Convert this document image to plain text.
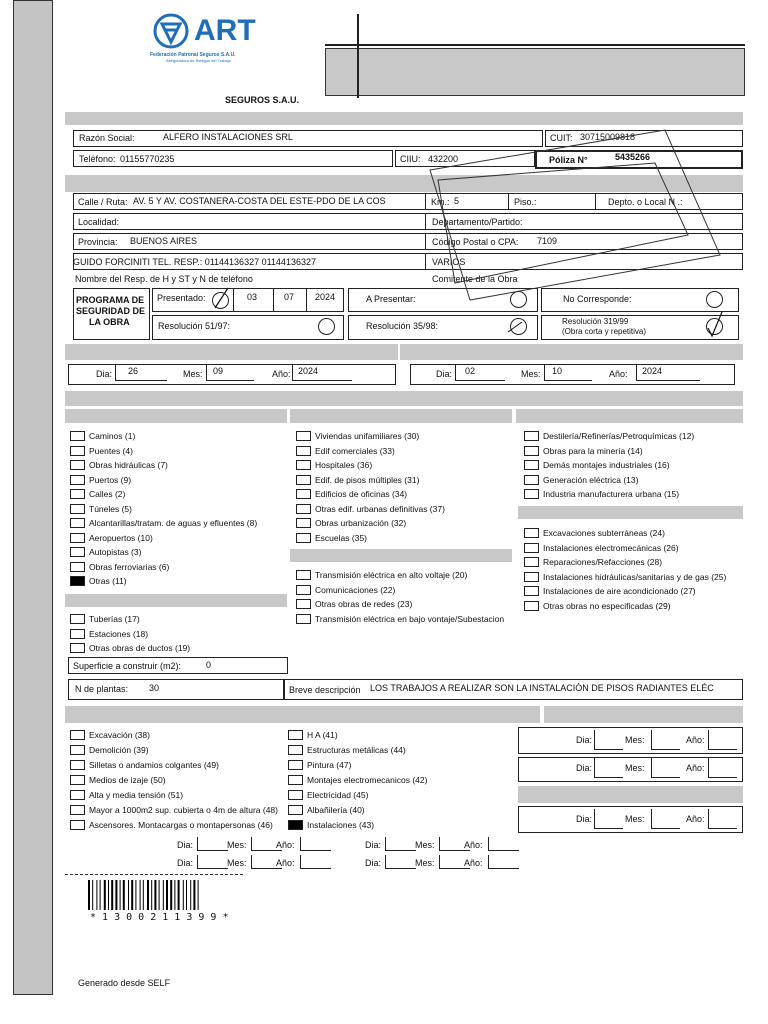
ART
Federación Patronal Seguros S.A.U.
Aseguradora de Riesgos del Trabajo
SEGUROS S.A.U.
Razón Social:	ALFERO INSTALACIONES SRL	CUIT: 30715009818
Teléfono: 01155770235	CIIU: 432200	Póliza N°	5435266
Calle / Ruta: AV. 5 Y AV. COSTANERA-COSTA DEL ESTE-PDO DE LA COS	Km.: 5	Piso.:	Depto. o Local N .:
Localidad:	Departamento/Partido:
Provincia: BUENOS AIRES	Código Postal o CPA: 7109
GUIDO FORCINITI TEL. RESP.: 01144136327 01144136327	VARIOS
Nombre del Resp. de H y ST y N de teléfono	Comitente de la Obra
PROGRAMA DE
SEGURIDAD DE
LA OBRA
Presentado:	03	07 2024	A Presentar:	No Corresponde:
Resolución 51/97:	Resolución 35/98:	Resolución 319/99
(Obra corta y repetitiva)
Dia: 26	Mes: 09	Año: 2024	Dia: 02	Mes: 10	Año: 2024
Caminos (1)
Puentes (4)
Obras hidráulicas (7)
Puertos (9)
Calles (2)
Túneles (5)
Alcantarillas/tratam. de aguas y efluentes (8)
Aeropuertos (10)
Autopistas (3)
Obras ferroviarias (6)
Otras (11)
Tuberías (17)
Estaciones (18)
Otras obras de ductos (19)
Viviendas unifamiliares (30)
Edif comerciales (33)
Hospitales (36)
Edif. de pisos múltiples (31)
Edificios de oficinas (34)
Otras edif. urbanas definitivas (37)
Obras urbanización (32)
Escuelas (35)
Transmisión eléctrica en alto voltaje (20)
Comunicaciones (22)
Otras obras de redes (23)
Transmisión eléctrica en bajo vontaje/Subestacion
Destilería/Refinerías/Petroquímicas (12)
Obras para la minería (14)
Demás montajes industriales (16)
Generación eléctrica (13)
Industria manufacturera urbana (15)
Excavaciones subterráneas (24)
Instalaciones electromecánicas (26)
Reparaciones/Refacciones (28)
Instalaciones hidráulicas/sanitarias y de gas (25)
Instalaciones de aire acondicionado (27)
Otras obras no especificadas (29)
Superficie a construir (m2):	0
N de plantas: 30	Breve descripción LOS TRABAJOS A REALIZAR SON LA INSTALACIÓN DE PISOS RADIANTES ELÉC
Excavación (38)
Demolición (39)
Silletas o andamios colgantes (49)
Medios de izaje (50)
Alta y media tensión (51)
Mayor a 1000m2 sup. cubierta o 4m de altura (48)
Ascensores. Montacargas o montapersonas (46)
H A (41)
Estructuras metálicas (44)
Pintura (47)
Montajes electromecanicos (42)
Electricidad (45)
Albañilería (40)
Instalaciones (43)
Dia:	Mes:	Año:
Dia:	Mes:	Año:
Dia:	Mes:	Año:
Dia:	Mes:	Año:
Dia:	Mes:	Año:
Dia:	Mes:	Año:
Dia:	Mes:	Año:
* 1 3 0 0 2 1 1 3 9 9 *
Generado desde SELF
